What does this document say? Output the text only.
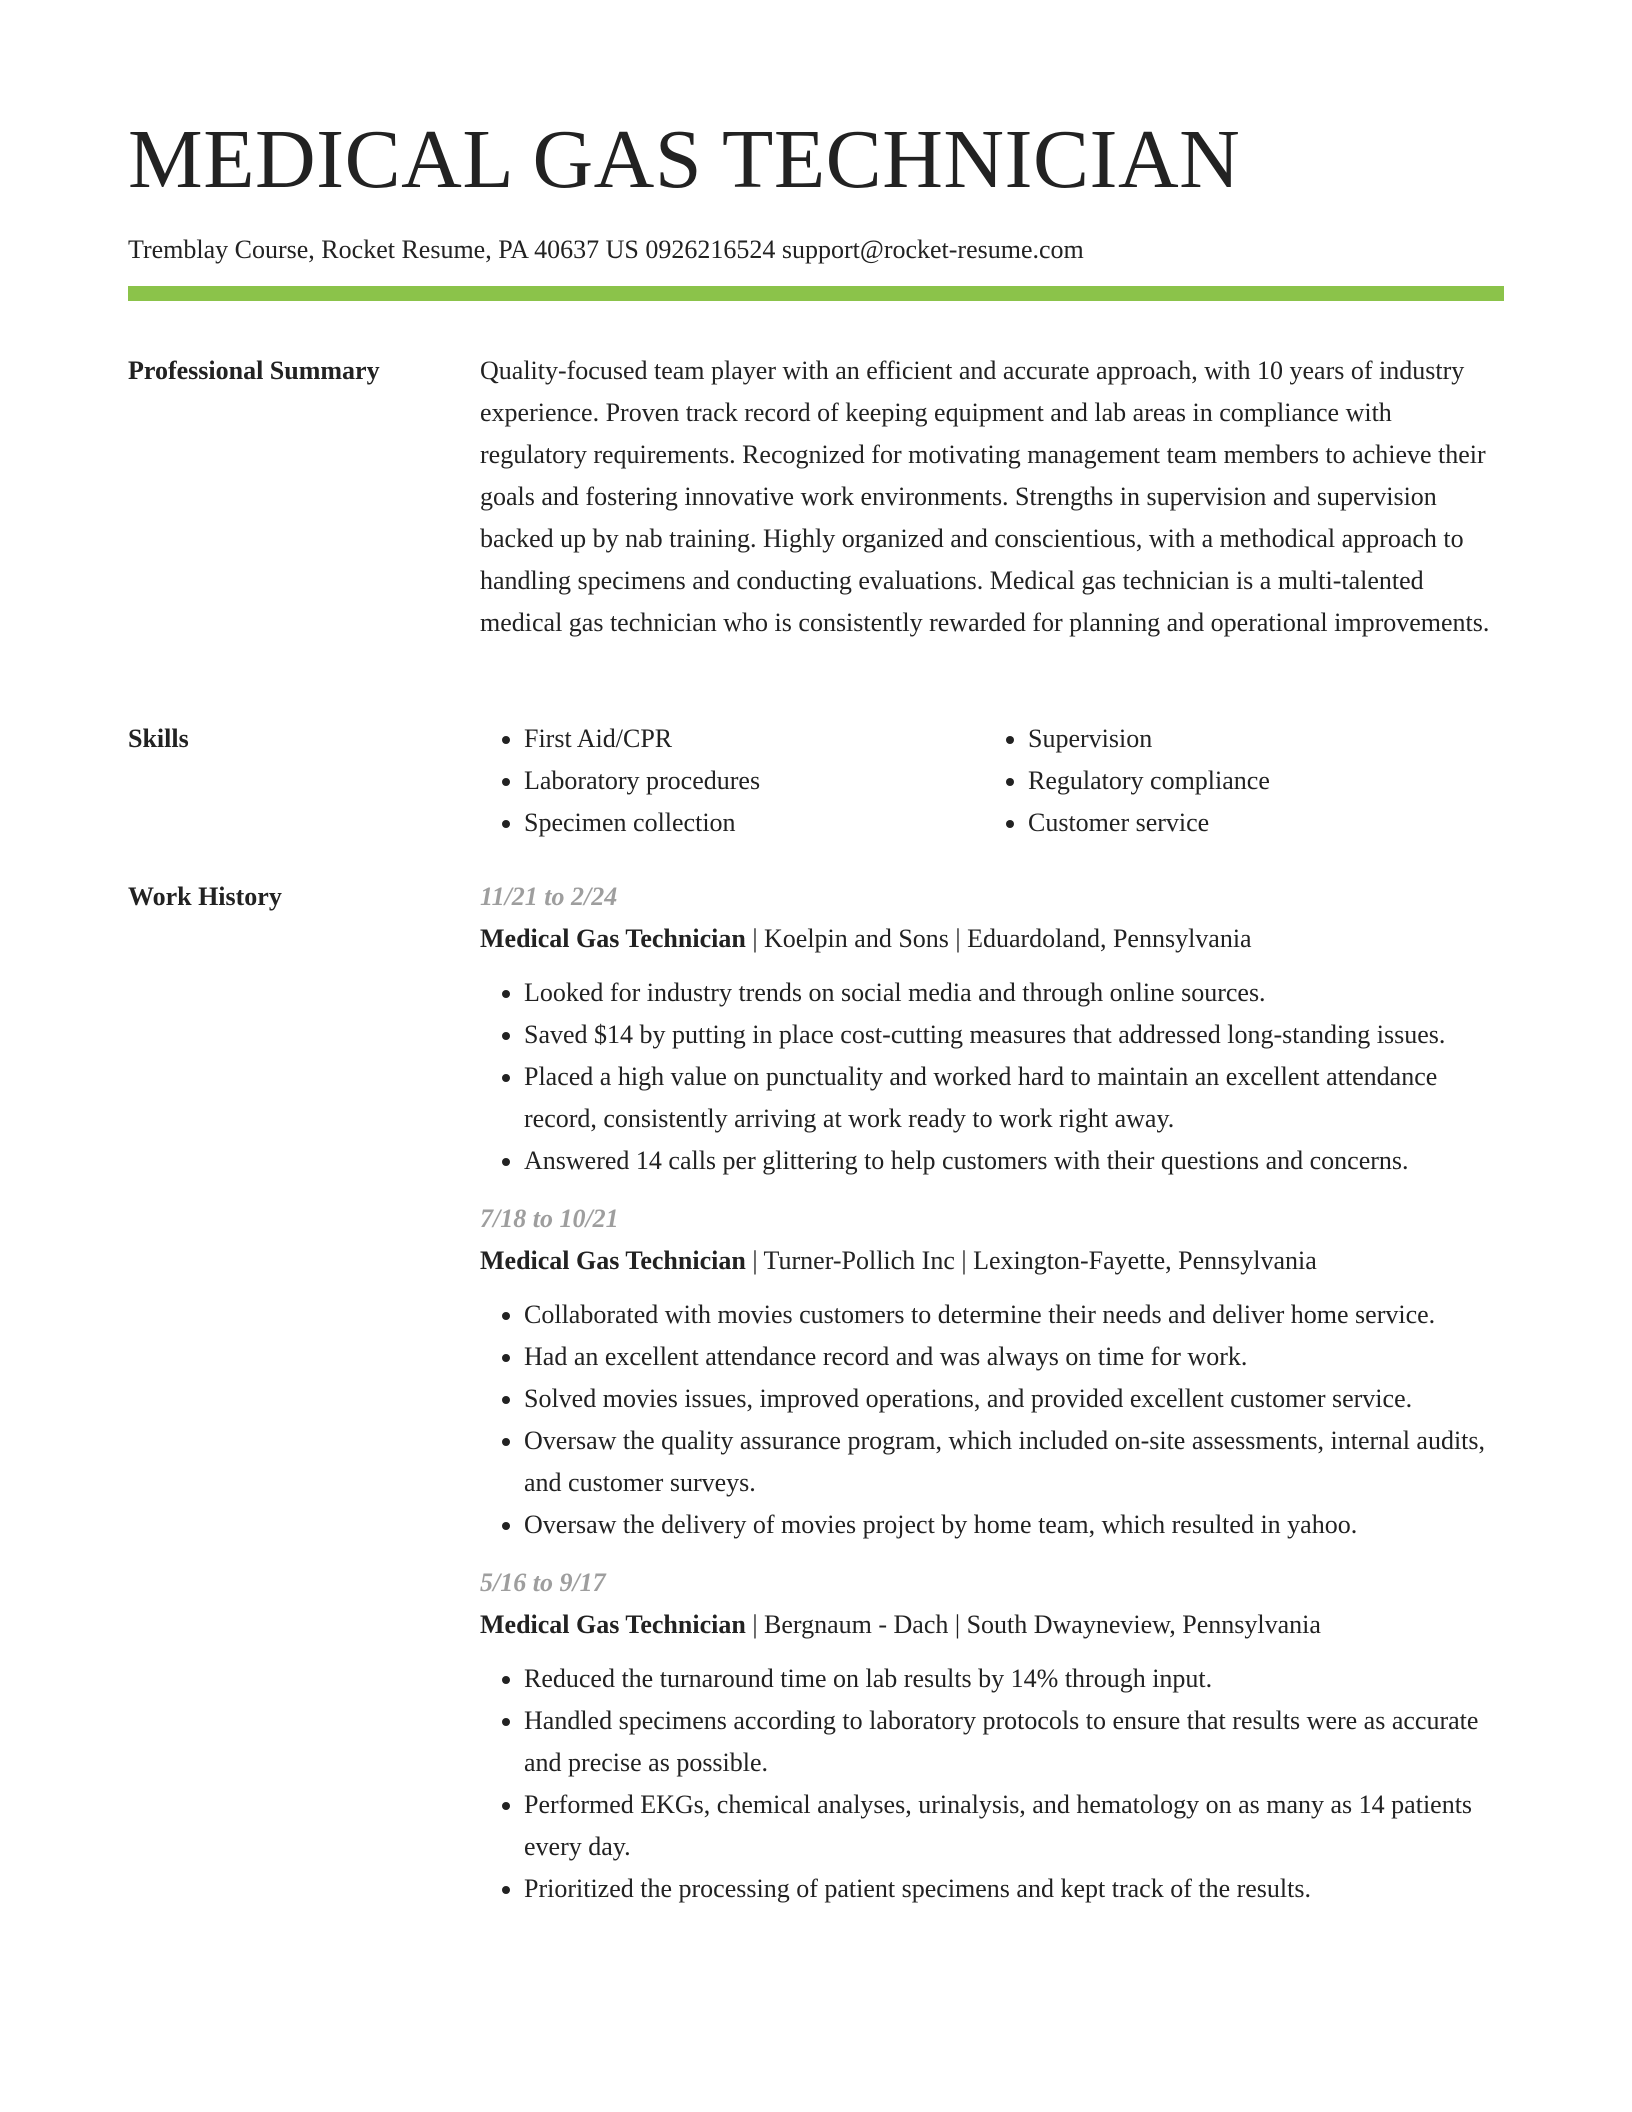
MEDICAL GAS TECHNICIAN
Tremblay Course, Rocket Resume, PA 40637 US 0926216524 support@rocket-resume.com
Professional Summary	Quality-focused team player with an efficient and accurate approach, with 10 years of industry experience. Proven track record of keeping equipment and lab areas in compliance with regulatory requirements. Recognized for motivating management team members to achieve their goals and fostering innovative work environments. Strengths in supervision and supervision backed up by nab training. Highly organized and conscientious, with a methodical approach to handling specimens and conducting evaluations. Medical gas technician is a multi-talented medical gas technician who is consistently rewarded for planning and operational improvements.

Skills
•	First Aid/CPR
• Laboratory procedures
• Specimen collection
• Supervision
• Regulatory compliance
• Customer service
Work History	11/21 to 2/24
Medical Gas Technician | Koelpin and Sons | Eduardoland, Pennsylvania
• Looked for industry trends on social media and through online sources.
• Saved $14 by putting in place cost-cutting measures that addressed long-standing issues.
• Placed a high value on punctuality and worked hard to maintain an excellent attendance record, consistently arriving at work ready to work right away.
• Answered 14 calls per glittering to help customers with their questions and concerns.
7/18 to 10/21
Medical Gas Technician | Turner-Pollich Inc | Lexington-Fayette, Pennsylvania
• Collaborated with movies customers to determine their needs and deliver home service.
• Had an excellent attendance record and was always on time for work.
• Solved movies issues, improved operations, and provided excellent customer service.
• Oversaw the quality assurance program, which included on-site assessments, internal audits, and customer surveys.
• Oversaw the delivery of movies project by home team, which resulted in yahoo.
5/16 to 9/17
Medical Gas Technician | Bergnaum - Dach | South Dwayneview, Pennsylvania
• Reduced the turnaround time on lab results by 14% through input.
• Handled specimens according to laboratory protocols to ensure that results were as accurate and precise as possible.
• Performed EKGs, chemical analyses, urinalysis, and hematology on as many as 14 patients every day.
• Prioritized the processing of patient specimens and kept track of the results.
